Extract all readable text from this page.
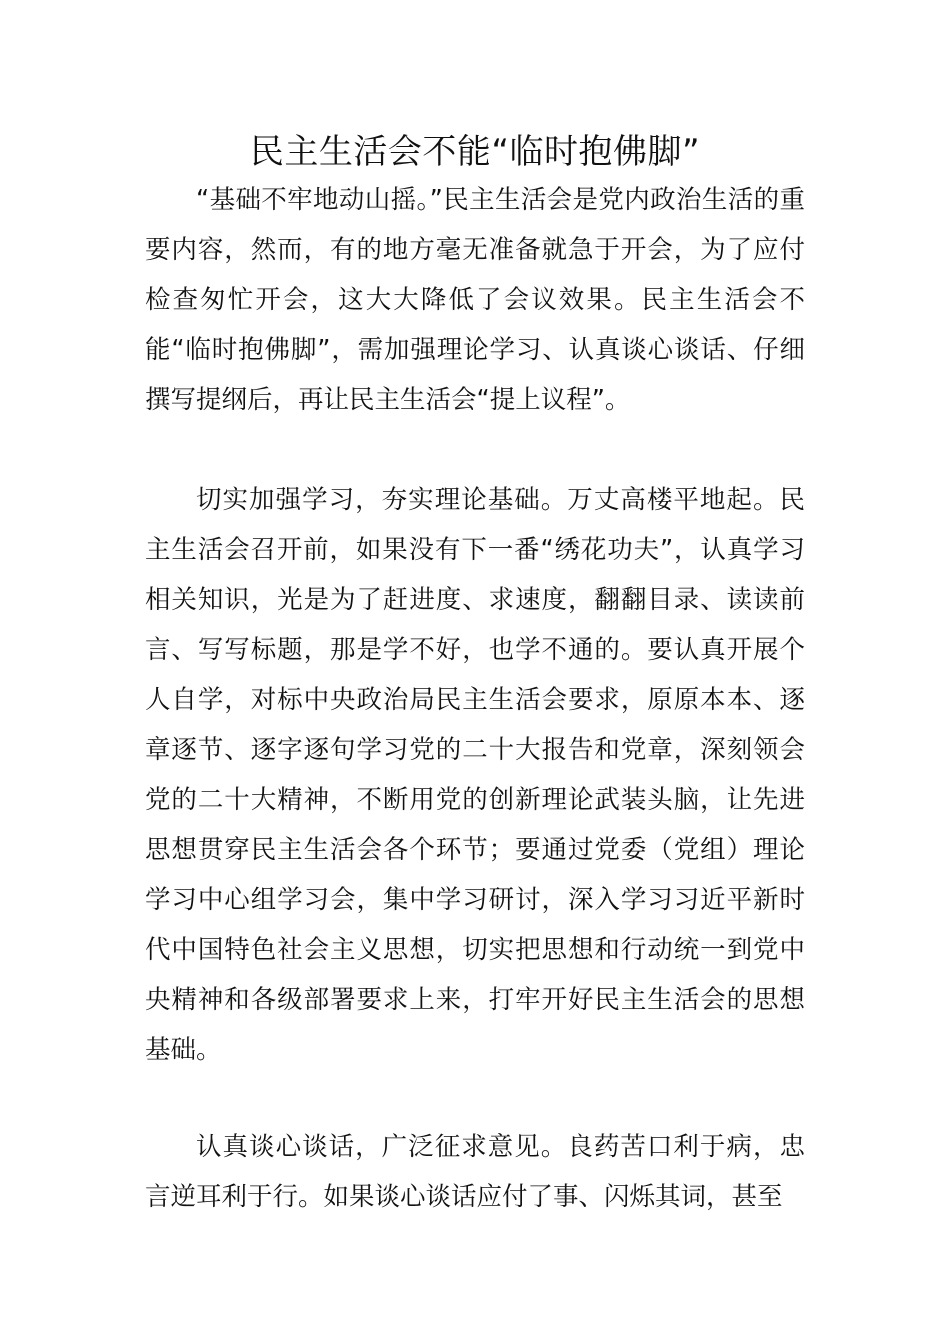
民主生活会不能“临时抱佛脚”

“基础不牢地动山摇。”民主生活会是党内政治生活的重要内容，然而，有的地方毫无准备就急于开会，为了应付检查匆忙开会，这大大降低了会议效果。民主生活会不能“临时抱佛脚”，需加强理论学习、认真谈心谈话、仔细撰写提纲后，再让民主生活会“提上议程”。

切实加强学习，夯实理论基础。万丈高楼平地起。民主生活会召开前，如果没有下一番“绣花功夫”，认真学习相关知识，光是为了赶进度、求速度，翻翻目录、读读前言、写写标题，那是学不好，也学不通的。要认真开展个人自学，对标中央政治局民主生活会要求，原原本本、逐章逐节、逐字逐句学习党的二十大报告和党章，深刻领会党的二十大精神，不断用党的创新理论武装头脑，让先进思想贯穿民主生活会各个环节；要通过党委（党组）理论学习中心组学习会，集中学习研讨，深入学习习近平新时代中国特色社会主义思想，切实把思想和行动统一到党中央精神和各级部署要求上来，打牢开好民主生活会的思想基础。

认真谈心谈话，广泛征求意见。良药苦口利于病，忠言逆耳利于行。如果谈心谈话应付了事、闪烁其词，甚至
